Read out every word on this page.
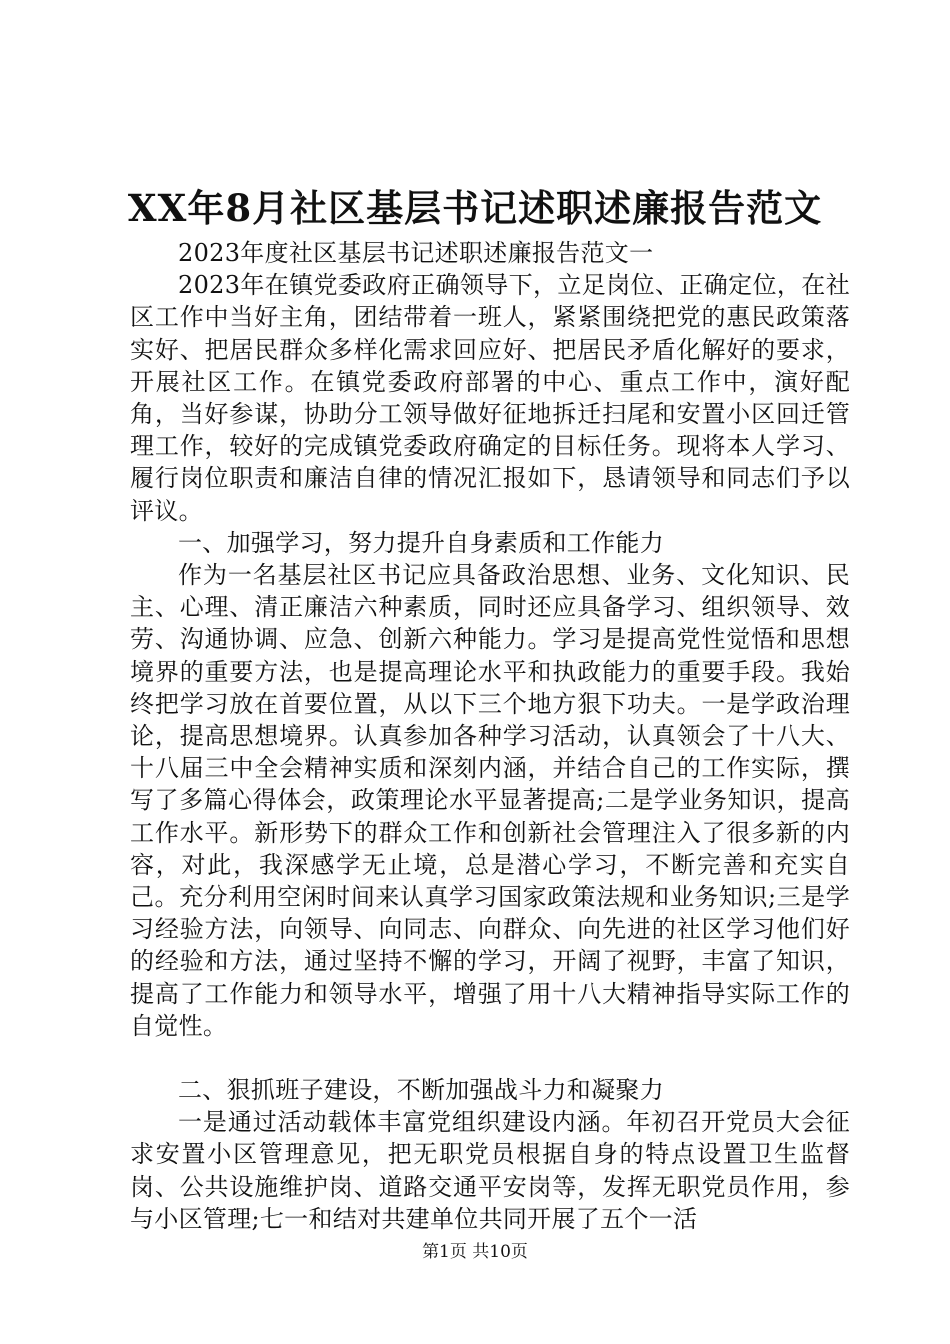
XX年8月社区基层书记述职述廉报告范文

2023年度社区基层书记述职述廉报告范文一

2023年在镇党委政府正确领导下，立足岗位、正确定位，在社区工作中当好主角，团结带着一班人，紧紧围绕把党的惠民政策落实好、把居民群众多样化需求回应好、把居民矛盾化解好的要求，开展社区工作。在镇党委政府部署的中心、重点工作中，演好配角，当好参谋，协助分工领导做好征地拆迁扫尾和安置小区回迁管理工作，较好的完成镇党委政府确定的目标任务。现将本人学习、履行岗位职责和廉洁自律的情况汇报如下，恳请领导和同志们予以评议。

一、加强学习，努力提升自身素质和工作能力

作为一名基层社区书记应具备政治思想、业务、文化知识、民主、心理、清正廉洁六种素质，同时还应具备学习、组织领导、效劳、沟通协调、应急、创新六种能力。学习是提高党性觉悟和思想境界的重要方法，也是提高理论水平和执政能力的重要手段。我始终把学习放在首要位置，从以下三个地方狠下功夫。一是学政治理论，提高思想境界。认真参加各种学习活动，认真领会了十八大、十八届三中全会精神实质和深刻内涵，并结合自己的工作实际，撰写了多篇心得体会，政策理论水平显著提高;二是学业务知识，提高工作水平。新形势下的群众工作和创新社会管理注入了很多新的内容，对此，我深感学无止境，总是潜心学习，不断完善和充实自己。充分利用空闲时间来认真学习国家政策法规和业务知识;三是学习经验方法，向领导、向同志、向群众、向先进的社区学习他们好的经验和方法，通过坚持不懈的学习，开阔了视野，丰富了知识，提高了工作能力和领导水平，增强了用十八大精神指导实际工作的自觉性。

二、狠抓班子建设，不断加强战斗力和凝聚力

一是通过活动载体丰富党组织建设内涵。年初召开党员大会征求安置小区管理意见，把无职党员根据自身的特点设置卫生监督岗、公共设施维护岗、道路交通平安岗等，发挥无职党员作用，参与小区管理;七一和结对共建单位共同开展了五个一活

第1页 共10页
